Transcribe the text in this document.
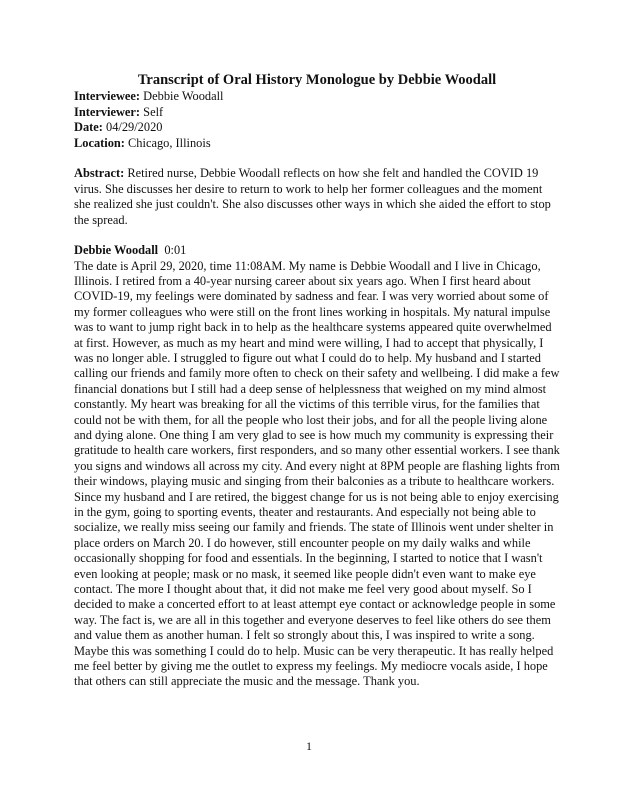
Transcript of Oral History Monologue by Debbie Woodall
Interviewee: Debbie Woodall
Interviewer: Self
Date: 04/29/2020
Location: Chicago, Illinois
Abstract: Retired nurse, Debbie Woodall reflects on how she felt and handled the COVID 19 virus. She discusses her desire to return to work to help her former colleagues and the moment she realized she just couldn't. She also discusses other ways in which she aided the effort to stop the spread.
Debbie Woodall 0:01
The date is April 29, 2020, time 11:08AM. My name is Debbie Woodall and I live in Chicago, Illinois. I retired from a 40-year nursing career about six years ago. When I first heard about COVID-19, my feelings were dominated by sadness and fear. I was very worried about some of my former colleagues who were still on the front lines working in hospitals. My natural impulse was to want to jump right back in to help as the healthcare systems appeared quite overwhelmed at first. However, as much as my heart and mind were willing, I had to accept that physically, I was no longer able. I struggled to figure out what I could do to help. My husband and I started calling our friends and family more often to check on their safety and wellbeing. I did make a few financial donations but I still had a deep sense of helplessness that weighed on my mind almost constantly. My heart was breaking for all the victims of this terrible virus, for the families that could not be with them, for all the people who lost their jobs, and for all the people living alone and dying alone. One thing I am very glad to see is how much my community is expressing their gratitude to health care workers, first responders, and so many other essential workers. I see thank you signs and windows all across my city. And every night at 8PM people are flashing lights from their windows, playing music and singing from their balconies as a tribute to healthcare workers. Since my husband and I are retired, the biggest change for us is not being able to enjoy exercising in the gym, going to sporting events, theater and restaurants. And especially not being able to socialize, we really miss seeing our family and friends. The state of Illinois went under shelter in place orders on March 20. I do however, still encounter people on my daily walks and while occasionally shopping for food and essentials. In the beginning, I started to notice that I wasn't even looking at people; mask or no mask, it seemed like people didn't even want to make eye contact. The more I thought about that, it did not make me feel very good about myself. So I decided to make a concerted effort to at least attempt eye contact or acknowledge people in some way. The fact is, we are all in this together and everyone deserves to feel like others do see them and value them as another human. I felt so strongly about this, I was inspired to write a song. Maybe this was something I could do to help. Music can be very therapeutic. It has really helped me feel better by giving me the outlet to express my feelings. My mediocre vocals aside, I hope that others can still appreciate the music and the message. Thank you.
1
